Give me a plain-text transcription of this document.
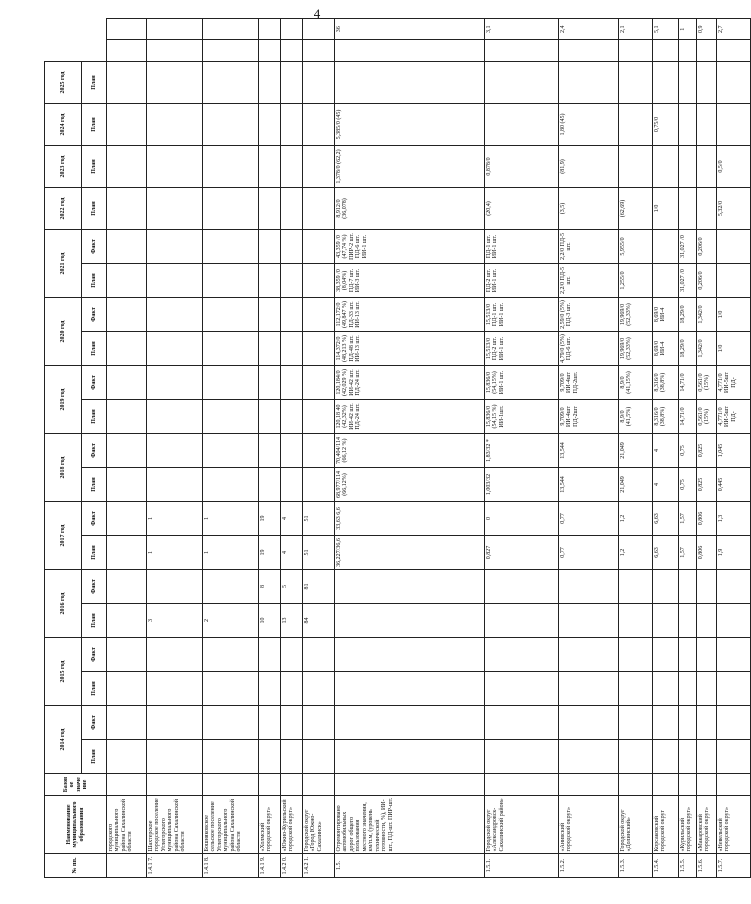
4
№ пп.	Наименование муниципального образования	Базовое значение	2014 год		2015 год		2016 год		2017 год		2018 год		2019 год		2020 год		2021 год		2022 год	2023 год	2024 год	2025 год		
			План	Факт	План	Факт	План	Факт	План	Факт	План	Факт	План	Факт	План	Факт	План	Факт	План	План	План	План		
	городского муниципального района Сахалинской области																							
1.4.1 7.	Шахтерское городское поселение Углегорского муниципального района Сахалинской области						3		1	1														
1.4.1 8.	Бошняковское сельское поселение Углегорского муниципального района Сахалинской области						2		1	1														
1.4.1 9.	«Холмский городской округ»						10	8	19	19														
1.4.2 0.	«Южно-Курильский городской округ»						13	5	4	4														
1.4.2 1.	Городской округ «Город Южно-Сахалинск»						84	81	51	51														
1.5.	Отремонтировано автомобильных дорог общего пользования местного значения, км/п.м, (уровень технической готовности, %), ИИ-шт., ПД-шт. ПИР-шт.								36,227/36,6	33,63 6,6	68,977/114 (66,12%)	70,404/114 (66,12 %)	120,18 40 (42,32%) ИИ-42 шт. ПД-24 шт.	120,184/0 (42,029 %) ИИ-42 шт. ПД-24 шт.	114,372/0 (48,213 %) ПД-48 шт. ИИ-13 шт.	112,172/0 (49,847 %) ПД-33 шт. ИИ-13 шт.	38,359 /0 (8,04%) ПД-7 шт. ИИ-3 шт.	43,359 /0 (47,74 %) ПИР-2 шт. ПД-6 шт. ИИ-1 шт.	8,912/0 (36,078)	1,378/0 (62,2)	5,385/0 (45)			36
1.5.1.	Городской округ «Александровск-Сахалинский район»								0,827	0	1,003/32	1,83/32 *	15,836/0 (54,15 %) ИИ-1шт.	15,836/0 (54,15%) ИИ-1 шт.	15,513/0 ПД-2 шт. ИИ-1 шт.	15,513/0 ПД-1 шт. ИИ-1 шт.	ПД-2 шт. ИИ-1 шт.	ПД-1 шт. ИИ-1 шт.	(20,4)	0,878/0				3,1
1.5.2.	«Анивский городской округ»								0,77	0,77	13,544	13,544	9,709/0 ИИ-4шт ПД-2шт	9,709/0 ИИ-4шт ПД-2шт.	4,79/0 (5%) ПД-6 шт.	2,59/0 (5%) ПД-3 шт.	2,2/0 ПД-5 шт.	2,2/0 ПД-5 шт.	(3,5)	(81,9)	1,80 (45)			2,4
1.5.3.	Городской округ «Долинский»								1,2	1,2	21,049	21,049	8,9/0 (41,5%)	8,9/0 (41,15%)	19,969/0 (52,33%)	19,969/0 (52,33%)	1,255/0	5,955/0	(62,69)					2,1
1.5.4.	Корсаковский городской округ								6,63	6,63	4	4	8,316/0 (38,8%)	8,316/0 (38,8%)	8,69/0 ИИ-4	8,69/0 ИИ-4			1/0		0,75/0			5,1
1.5.5.	«Курильский городской округ»								1,57	1,57	0,75	0,75	14,71/0	14,71/0	18,29/0	18,29/0	31,027 /0	31,027 /0						1
1.5.6.	«Макаровский городской округ»								0,806	0,806	0,825	0,825	0,561/0 (15%)	0,561/0 (15%)	1,342/0	1,342/0	0,206/0	0,206/0						0,9
1.5.7.	«Невельский городской округ»								1,9	1,3	0,445	1,045	4,771/0 ИИ-5шт ПД-	4,771/0 ИИ-5шт ПД-	1/0	1/0			5,32/0	0,5/0				2,7
